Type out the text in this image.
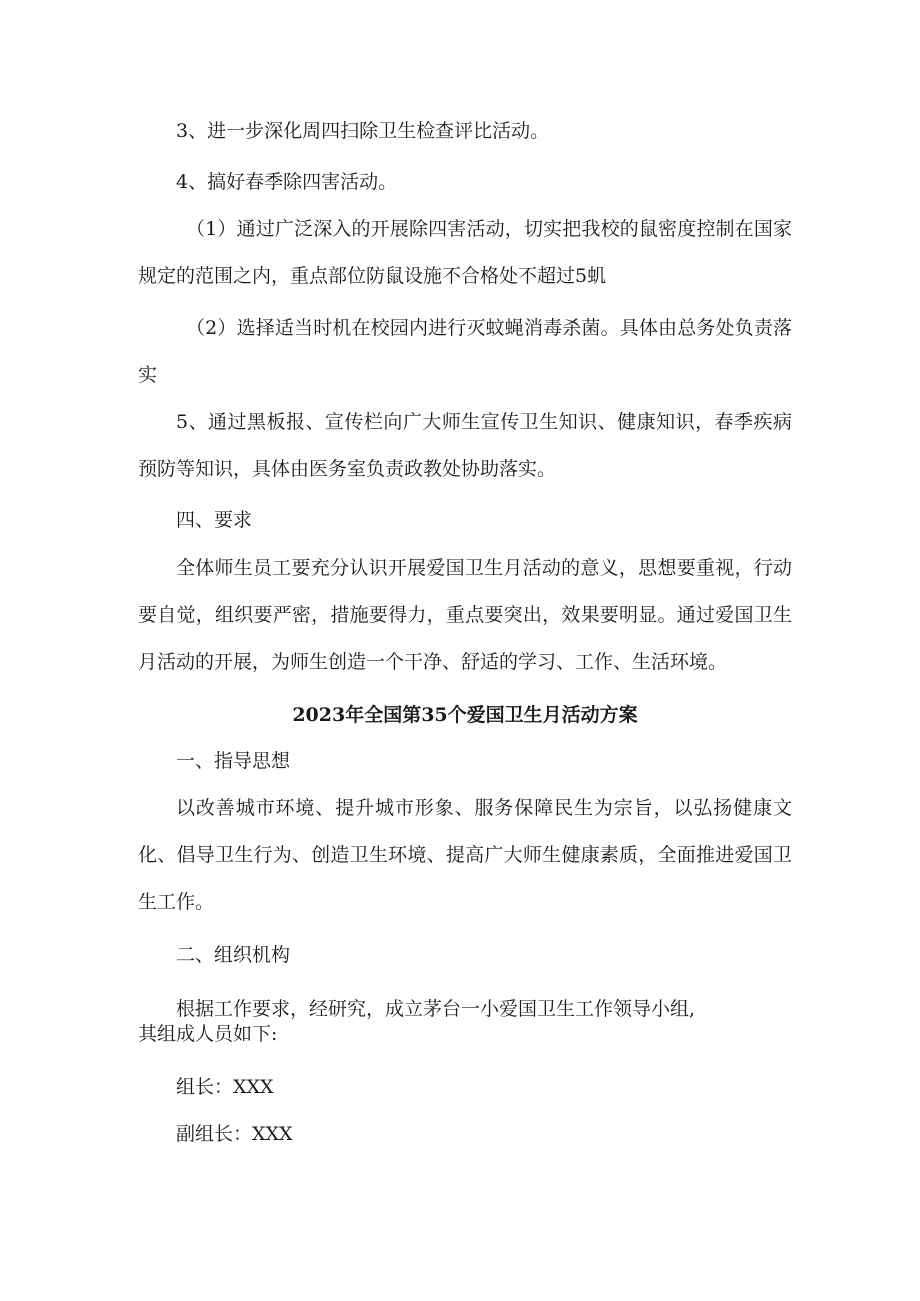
3、进一步深化周四扫除卫生检查评比活动。

4、搞好春季除四害活动。

（1）通过广泛深入的开展除四害活动，切实把我校的鼠密度控制在国家规定的范围之内，重点部位防鼠设施不合格处不超过5虮

（2）选择适当时机在校园内进行灭蚊蝇消毒杀菌。具体由总务处负责落实

5、通过黑板报、宣传栏向广大师生宣传卫生知识、健康知识，春季疾病预防等知识，具体由医务室负责政教处协助落实。

四、要求

全体师生员工要充分认识开展爱国卫生月活动的意义，思想要重视，行动要自觉，组织要严密，措施要得力，重点要突出，效果要明显。通过爱国卫生月活动的开展，为师生创造一个干净、舒适的学习、工作、生活环境。

2023年全国第35个爱国卫生月活动方案

一、指导思想

以改善城市环境、提升城市形象、服务保障民生为宗旨，以弘扬健康文化、倡导卫生行为、创造卫生环境、提高广大师生健康素质，全面推进爱国卫生工作。

二、组织机构

根据工作要求，经研究，成立茅台一小爱国卫生工作领导小组,

其组成人员如下:

组长：XXX

副组长：XXX
